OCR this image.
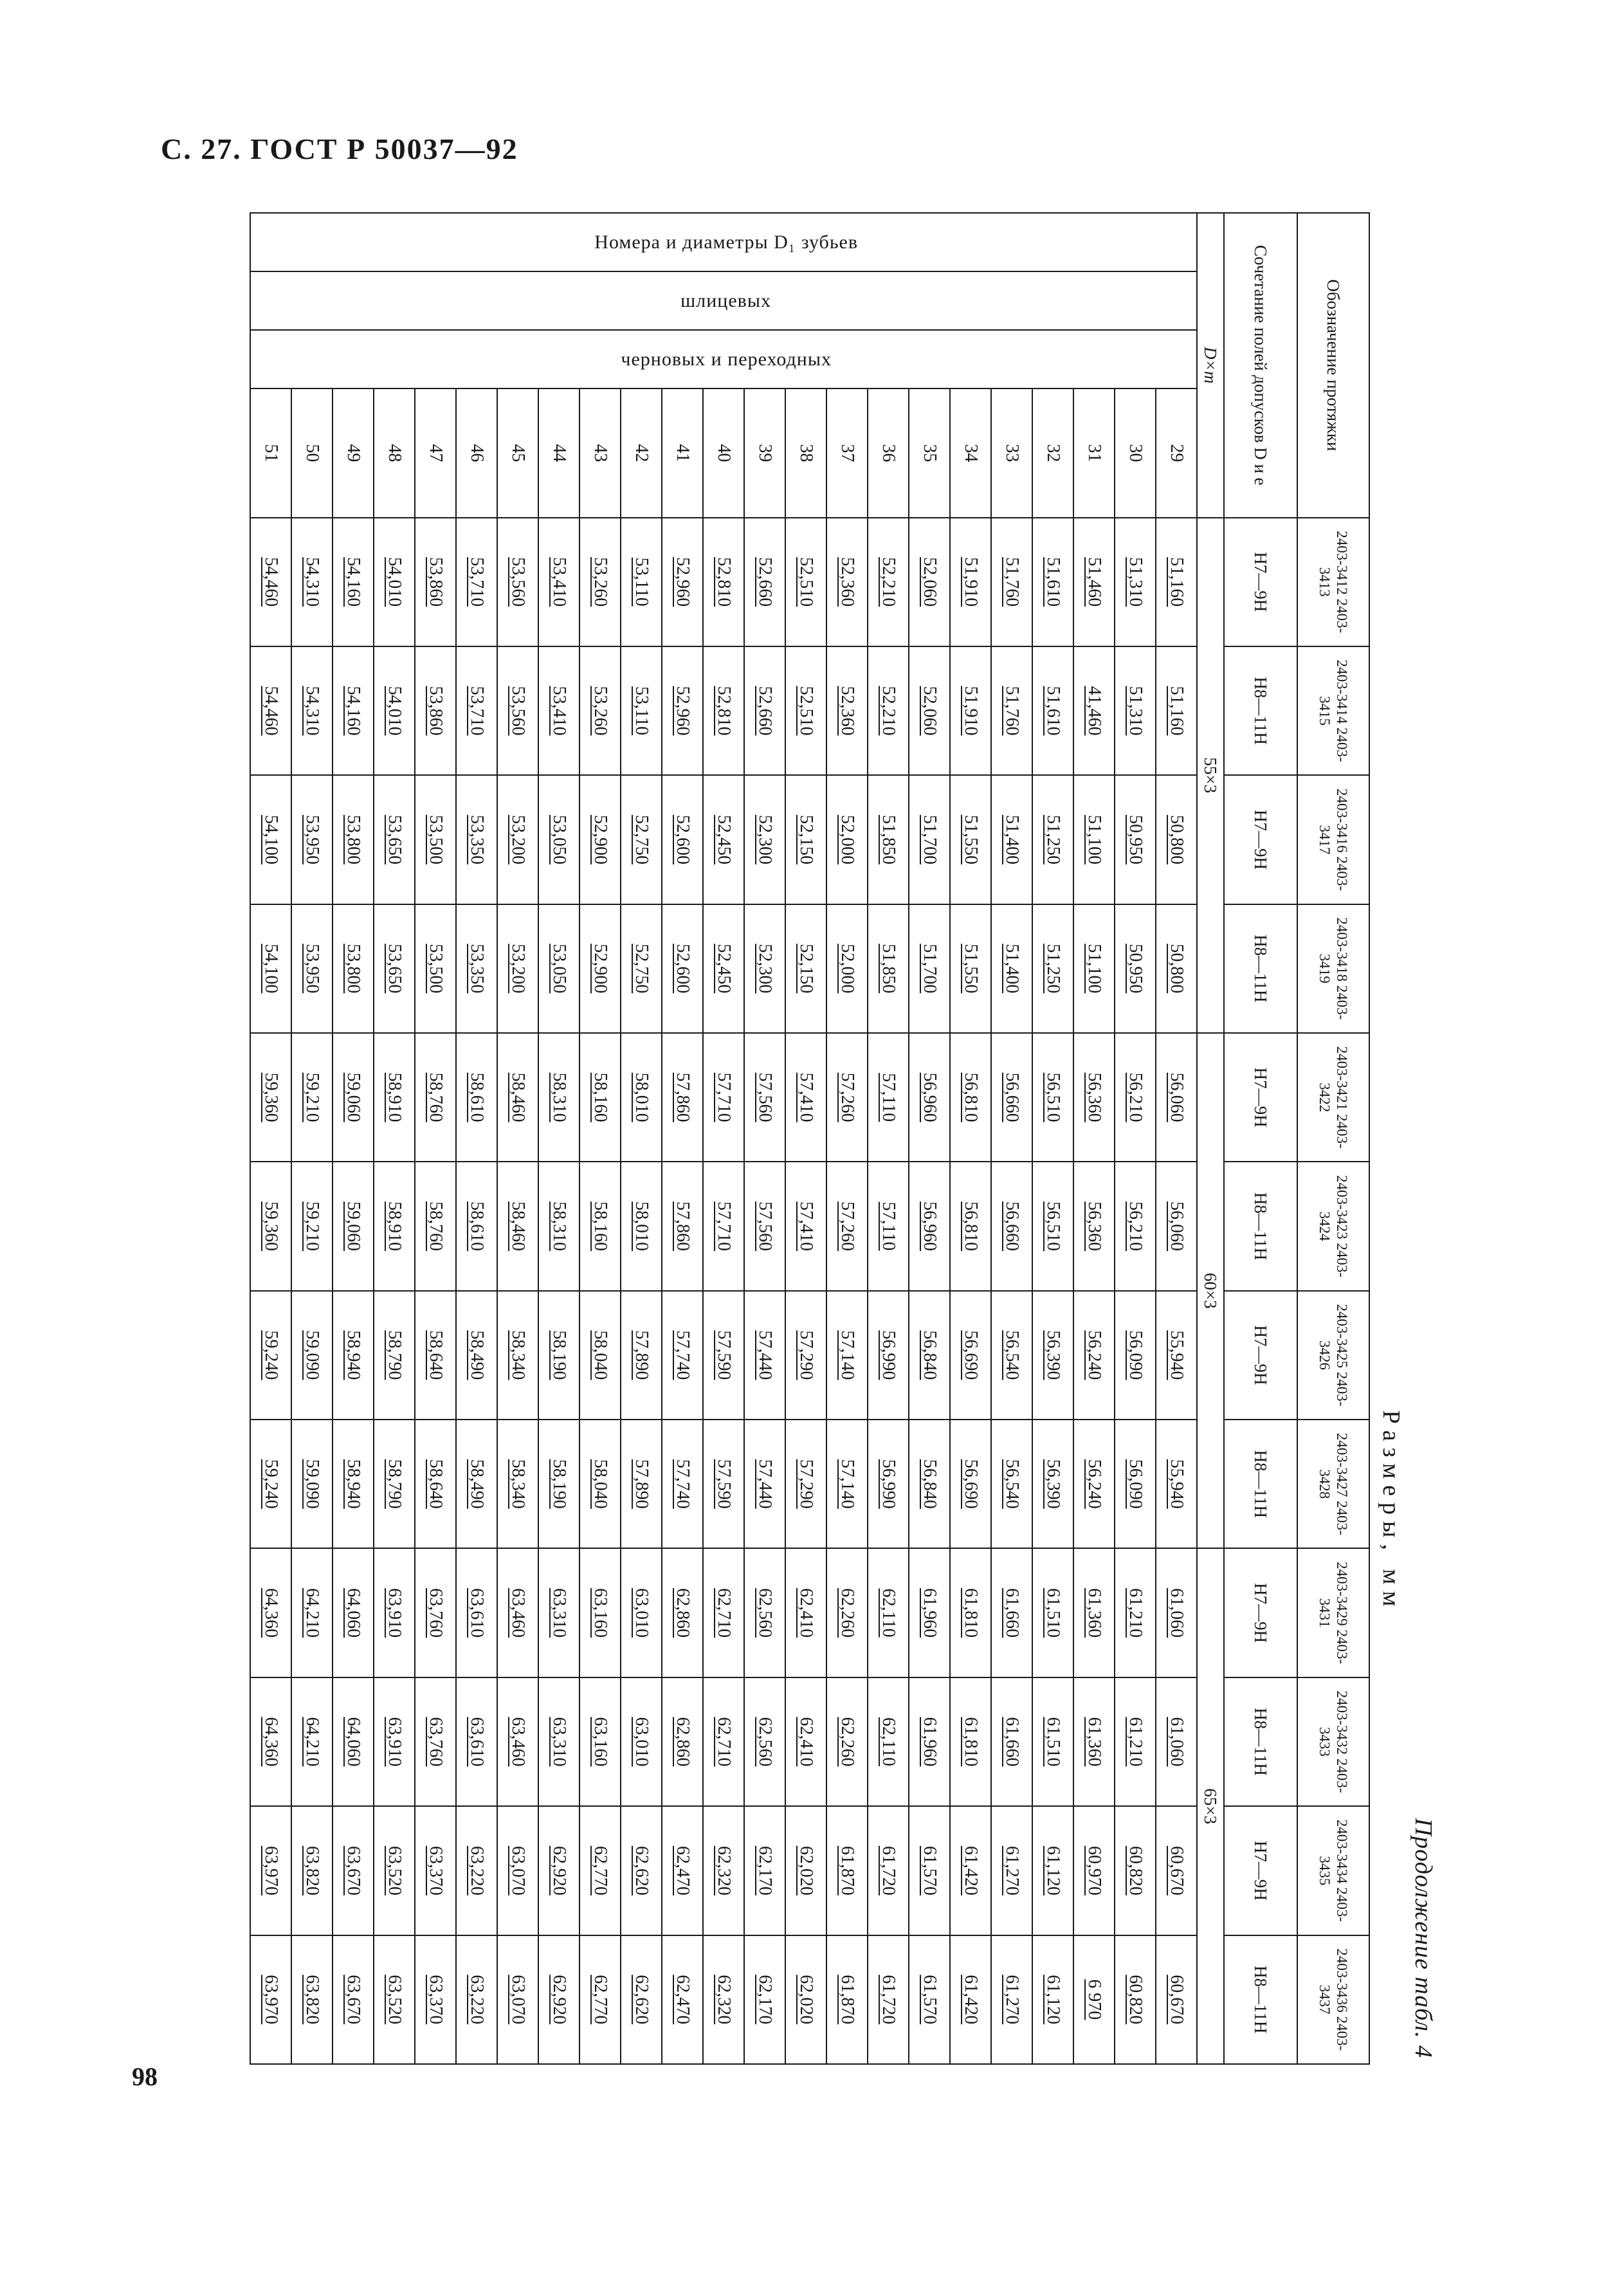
С. 27. ГОСТ Р 50037—92
98
Продолжение табл. 4
Размеры, мм
Обозначение протяжки				2403-3412 2403-3413	2403-3414 2403-3415	2403-3416 2403-3417	2403-3418 2403-3419	2403-3421 2403-3422	2403-3423 2403-3424	2403-3425 2403-3426	2403-3427 2403-3428	2403-3429 2403-3431	2403-3432 2403-3433	2403-3434 2403-3435	2403-3436 2403-3437
Сочетание полей допусков D и e				H7—9H	H8—11H	H7—9H	H8—11H	H7—9H	H8—11H	H7—9H	H8—11H	H7—9H	H8—11H	H7—9H	H8—11H
D×m				55×3				60×3				65×3			
Номера и диаметры D₁ зубьев	шлицевых	черновых и переходных	29	51,160	51,160	50,800	50,800	56,060	56,060	55,940	55,940	61,060	61,060	60,670	60,670
			30	51,310	51,310	50,950	50,950	56,210	56,210	56,090	56,090	61,210	61,210	60,820	60,820
			31	51,460	41,460	51,100	51,100	56,360	56,360	56,240	56,240	61,360	61,360	60,970	6 970
			32	51,610	51,610	51,250	51,250	56,510	56,510	56,390	56,390	61,510	61,510	61,120	61,120
			33	51,760	51,760	51,400	51,400	56,660	56,660	56,540	56,540	61,660	61,660	61,270	61,270
			34	51,910	51,910	51,550	51,550	56,810	56,810	56,690	56,690	61,810	61,810	61,420	61,420
			35	52,060	52,060	51,700	51,700	56,960	56,960	56,840	56,840	61,960	61,960	61,570	61,570
			36	52,210	52,210	51,850	51,850	57,110	57,110	56,990	56,990	62,110	62,110	61,720	61,720
			37	52,360	52,360	52,000	52,000	57,260	57,260	57,140	57,140	62,260	62,260	61,870	61,870
			38	52,510	52,510	52,150	52,150	57,410	57,410	57,290	57,290	62,410	62,410	62,020	62,020
			39	52,660	52,660	52,300	52,300	57,560	57,560	57,440	57,440	62,560	62,560	62,170	62,170
			40	52,810	52,810	52,450	52,450	57,710	57,710	57,590	57,590	62,710	62,710	62,320	62,320
			41	52,960	52,960	52,600	52,600	57,860	57,860	57,740	57,740	62,860	62,860	62,470	62,470
			42	53,110	53,110	52,750	52,750	58,010	58,010	57,890	57,890	63,010	63,010	62,620	62,620
			43	53,260	53,260	52,900	52,900	58,160	58,160	58,040	58,040	63,160	63,160	62,770	62,770
			44	53,410	53,410	53,050	53,050	58,310	58,310	58,190	58,190	63,310	63,310	62,920	62,920
			45	53,560	53,560	53,200	53,200	58,460	58,460	58,340	58,340	63,460	63,460	63,070	63,070
			46	53,710	53,710	53,350	53,350	58,610	58,610	58,490	58,490	63,610	63,610	63,220	63,220
			47	53,860	53,860	53,500	53,500	58,760	58,760	58,640	58,640	63,760	63,760	63,370	63,370
			48	54,010	54,010	53,650	53,650	58,910	58,910	58,790	58,790	63,910	63,910	63,520	63,520
			49	54,160	54,160	53,800	53,800	59,060	59,060	58,940	58,940	64,060	64,060	63,670	63,670
			50	54,310	54,310	53,950	53,950	59,210	59,210	59,090	59,090	64,210	64,210	63,820	63,820
			51	54,460	54,460	54,100	54,100	59,360	59,360	59,240	59,240	64,360	64,360	63,970	63,970
